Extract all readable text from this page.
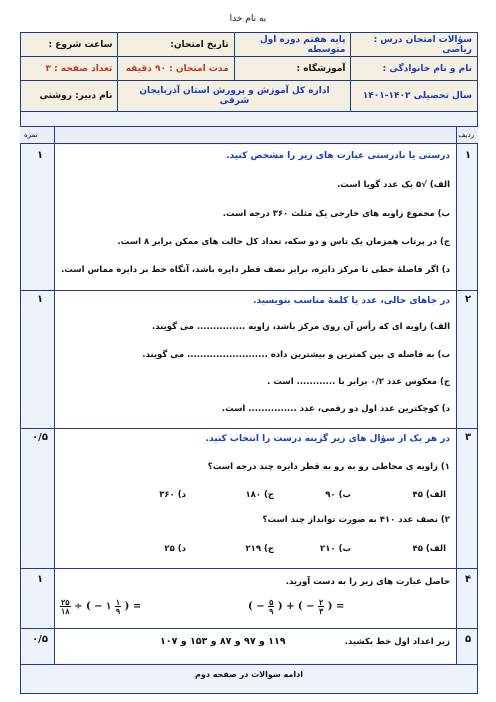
به نام خدا
سؤالات امتحان درس : ریاضی	پایه هفتم دوره اول متوسطه	تاریخ امتحان:	ساعت شروع :
نام و نام خانوادگی :	آموزشگاه :	مدت امتحان : ۹۰ دقیقه	تعداد صفحه : ۳
سال تحصیلی ۱۴۰۲-۱۴۰۱	اداره کل آموزش و پرورش استان آذربایجان شرقی		نام دبیر: روشنی
ردیف
نمره
۱
۱	درستی یا نادرستی عبارت های زیر را مشخص کنید.
الف) √۵ یک عدد گویا است.
ب) مجموع زاویه های خارجی یک مثلث ۳۶۰ درجه است.
ج) در پرتاب همزمان یک تاس و دو سکه، تعداد کل حالت های ممکن برابر ۸ است.
د) اگر فاصلهٔ خطی تا مرکز دایره، برابر نصف قطر دایره باشد، آنگاه خط بر دایره مماس است.
۲
۱	در جاهای خالی، عدد یا کلمهٔ مناسب بنویسید.
الف) زاویه ای که رأس آن روی مرکز باشد، زاویه ............... می گویند.
ب) به فاصله ی بین کمترین و بیشترین داده ......................... می گویند.
ج) معکوس عدد ۰/۲ برابر با ............ است .
د) کوچکترین عدد اول دو رقمی، عدد ............... است.
۳
۰/۵	در هر یک از سؤال های زیر گزینه درست را انتخاب کنید.
۱) زاویه ی محاطی رو به رو به قطر دایره چند درجه است؟
الف) ۴۵
ب) ۹۰
ج) ۱۸۰
د) ۳۶۰
۲) نصف عدد ۴۱۰ به صورت توانداز چند است؟
الف) ۴۵
ب) ۲۱۰
ج) ۲۱۹
د) ۲۵
۴
۱	حاصل عبارت های زیر را به دست آورید.
$\frac{۲۵}{۱۸}$ ÷ ( − ۱ $\frac{۱}{۹}$ ) =	( − $\frac{۵}{۹}$ ) + ( − $\frac{۲}{۳}$ ) =
۵
۰/۵	زیر اعداد اول خط بکشید.
۱۱۹ و ۹۷ و ۸۷ و ۱۵۳ و ۱۰۷
ادامه سوالات در صفحه دوم
